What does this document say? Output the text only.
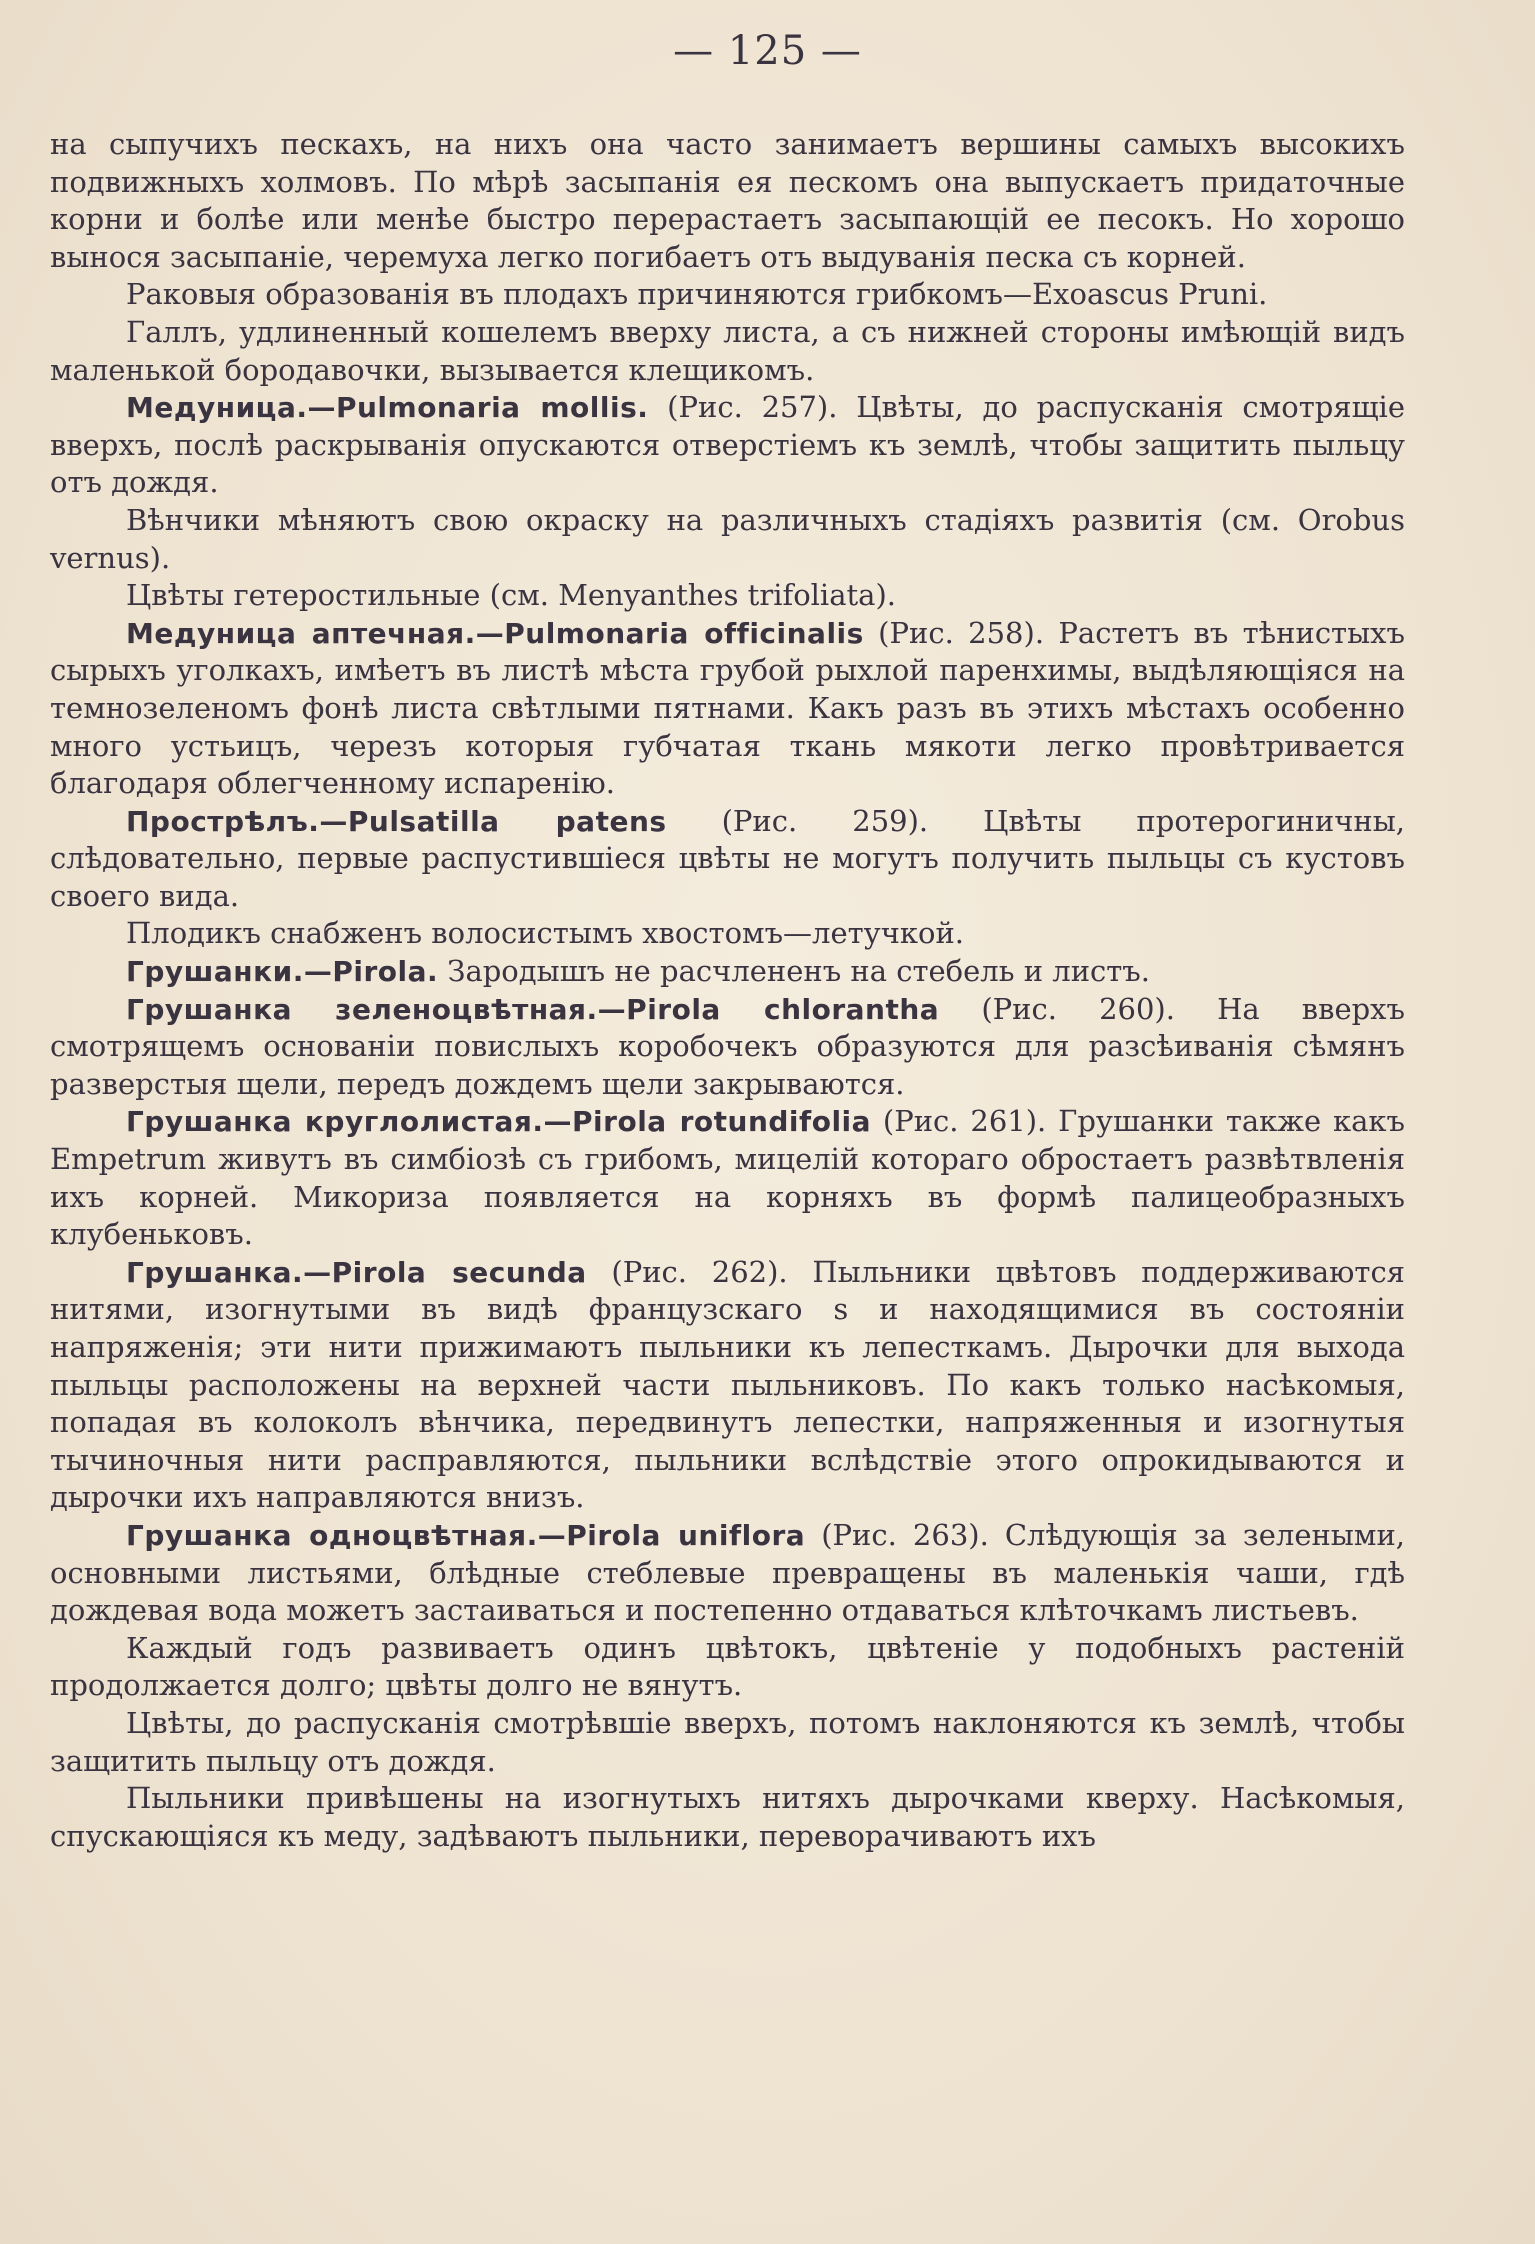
— 125 —

на сыпучихъ пескахъ, на нихъ она часто занимаетъ вершины самыхъ высокихъ подвижныхъ холмовъ. По мѣрѣ засыпанія ея пескомъ она выпускаетъ придаточные корни и болѣе или менѣе быстро перерастаетъ засыпающій ее песокъ. Но хорошо вынося засыпаніе, черемуха легко погибаетъ отъ выдуванія песка съ корней.

Раковыя образованія въ плодахъ причиняются грибкомъ—Exoascus Pruni.

Галлъ, удлиненный кошелемъ вверху листа, а съ нижней стороны имѣющій видъ маленькой бородавочки, вызывается клещикомъ.

Медуница.—Pulmonaria mollis. (Рис. 257). Цвѣты, до распусканія смотрящіе вверхъ, послѣ раскрыванія опускаются отверстіемъ къ землѣ, чтобы защитить пыльцу отъ дождя.

Вѣнчики мѣняютъ свою окраску на различныхъ стадіяхъ развитія (см. Orobus vernus).

Цвѣты гетеростильные (см. Menyanthes trifoliata).

Медуница аптечная.—Pulmonaria officinalis (Рис. 258). Растетъ въ тѣнистыхъ сырыхъ уголкахъ, имѣетъ въ листѣ мѣста грубой рыхлой паренхимы, выдѣляющіяся на темнозеленомъ фонѣ листа свѣтлыми пятнами. Какъ разъ въ этихъ мѣстахъ особенно много устьицъ, черезъ которыя губчатая ткань мякоти легко провѣтривается благодаря облегченному испаренію.

Прострѣлъ.—Pulsatilla patens (Рис. 259). Цвѣты протерогиничны, слѣдовательно, первые распустившіеся цвѣты не могутъ получить пыльцы съ кустовъ своего вида.

Плодикъ снабженъ волосистымъ хвостомъ—летучкой.

Грушанки.—Pirola. Зародышъ не расчлененъ на стебель и листъ.

Грушанка зеленоцвѣтная.—Pirola chlorantha (Рис. 260). На вверхъ смотрящемъ основаніи повислыхъ коробочекъ образуются для разсѣиванія сѣмянъ разверстыя щели, передъ дождемъ щели закрываются.

Грушанка круглолистая.—Pirola rotundifolia (Рис. 261). Грушанки также какъ Empetrum живутъ въ симбіозѣ съ грибомъ, мицелій котораго обростаетъ развѣтвленія ихъ корней. Микориза появляется на корняхъ въ формѣ палицеобразныхъ клубеньковъ.

Грушанка.—Pirola secunda (Рис. 262). Пыльники цвѣтовъ поддерживаются нитями, изогнутыми въ видѣ французскаго s и находящимися въ состояніи напряженія; эти нити прижимаютъ пыльники къ лепесткамъ. Дырочки для выхода пыльцы расположены на верхней части пыльниковъ. По какъ только насѣкомыя, попадая въ колоколъ вѣнчика, передвинутъ лепестки, напряженныя и изогнутыя тычиночныя нити расправляются, пыльники вслѣдствіе этого опрокидываются и дырочки ихъ направляются внизъ.

Грушанка одноцвѣтная.—Pirola uniflora (Рис. 263). Слѣдующія за зелеными, основными листьями, блѣдные стеблевые превращены въ маленькія чаши, гдѣ дождевая вода можетъ застаиваться и постепенно отдаваться клѣточкамъ листьевъ.

Каждый годъ развиваетъ одинъ цвѣтокъ, цвѣтеніе у подобныхъ растеній продолжается долго; цвѣты долго не вянутъ.

Цвѣты, до распусканія смотрѣвшіе вверхъ, потомъ наклоняются къ землѣ, чтобы защитить пыльцу отъ дождя.

Пыльники привѣшены на изогнутыхъ нитяхъ дырочками кверху. Насѣкомыя, спускающіяся къ меду, задѣваютъ пыльники, переворачиваютъ ихъ
